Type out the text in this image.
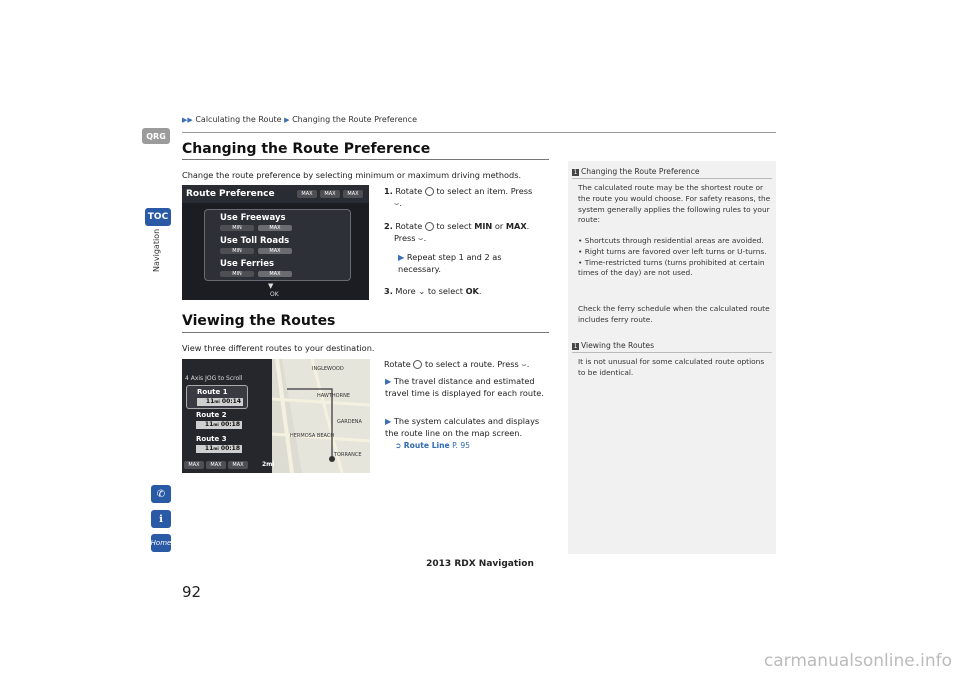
▶▶ Calculating the Route ▶ Changing the Route Preference
QRG
TOC
Navigation
Changing the Route Preference
Change the route preference by selecting minimum or maximum driving methods.
Route Preference	MAX	MAX	MAX
Use Freeways
MIN	MAX
Use Toll Roads
MIN	MAX
Use Ferries
MIN	MAX
▼
OK
1. Rotate to select an item. Press
⌣.
2. Rotate to select MIN or MAX.
Press ⌣.
▶ Repeat step 1 and 2 as necessary.
3. More ⌄ to select OK.
Viewing the Routes
View three different routes to your destination.
4 Axis JOG to Scroll
INGLEWOOD
HAWTHORNE
GARDENA
HERMOSA BEACH
TORRANCE
Route 1
11mi 00:14
Route 2
11mi 00:18
Route 3
11mi 00:18
MAX	MAX	MAX	2mi
Rotate to select a route. Press ⌣.
▶ The travel distance and estimated travel time is displayed for each route.
▶ The system calculates and displays the route line on the map screen.
➲ Route Line P. 95
1 Changing the Route Preference
The calculated route may be the shortest route or the route you would choose. For safety reasons, the system generally applies the following rules to your route:
• Shortcuts through residential areas are avoided.
• Right turns are favored over left turns or U-turns.
• Time-restricted turns (turns prohibited at certain times of the day) are not used.
Check the ferry schedule when the calculated route includes ferry route.
1 Viewing the Routes
It is not unusual for some calculated route options to be identical.
✆
ℹ
Home
92
2013 RDX Navigation
carmanualsonline.info
